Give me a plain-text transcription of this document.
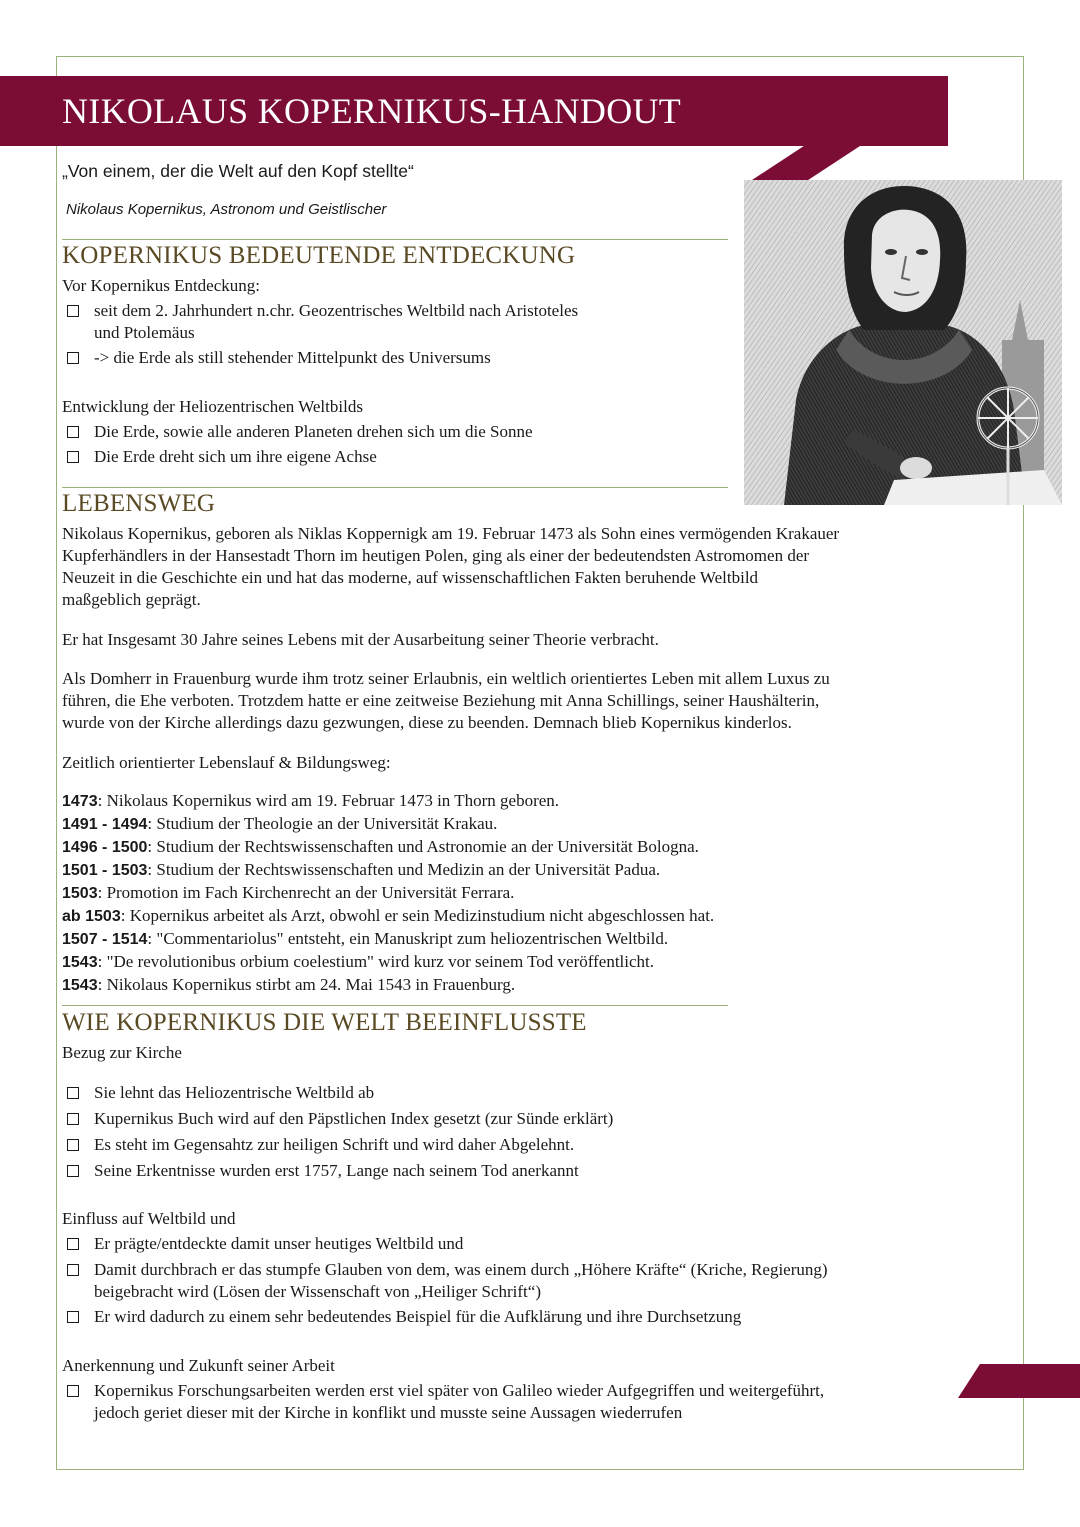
NIKOLAUS KOPERNIKUS-HANDOUT
„Von einem, der die Welt auf den Kopf stellte“
Nikolaus Kopernikus, Astronom und Geistlischer
KOPERNIKUS BEDEUTENDE ENTDECKUNG
Vor Kopernikus Entdeckung:
seit dem 2. Jahrhundert n.chr. Geozentrisches Weltbild nach Aristoteles
und Ptolemäus
-> die Erde als still stehender Mittelpunkt des Universums
Entwicklung der Heliozentrischen Weltbilds
Die Erde, sowie alle anderen Planeten drehen sich um die Sonne
Die Erde dreht sich um ihre eigene Achse
LEBENSWEG
Nikolaus Kopernikus, geboren als Niklas Koppernigk am 19. Februar 1473 als Sohn eines vermögenden Krakauer
Kupferhändlers in der Hansestadt Thorn im heutigen Polen, ging als einer der bedeutendsten Astromomen der
Neuzeit in die Geschichte ein und hat das moderne, auf wissenschaftlichen Fakten beruhende Weltbild
maßgeblich geprägt.
Er hat Insgesamt 30 Jahre seines Lebens mit der Ausarbeitung seiner Theorie verbracht.
Als Domherr in Frauenburg wurde ihm trotz seiner Erlaubnis, ein weltlich orientiertes Leben mit allem Luxus zu
führen, die Ehe verboten. Trotzdem hatte er eine zeitweise Beziehung mit Anna Schillings, seiner Haushälterin,
wurde von der Kirche allerdings dazu gezwungen, diese zu beenden. Demnach blieb Kopernikus kinderlos.
Zeitlich orientierter Lebenslauf & Bildungsweg:
1473: Nikolaus Kopernikus wird am 19. Februar 1473 in Thorn geboren.
1491 - 1494: Studium der Theologie an der Universität Krakau.
1496 - 1500: Studium der Rechtswissenschaften und Astronomie an der Universität Bologna.
1501 - 1503: Studium der Rechtswissenschaften und Medizin an der Universität Padua.
1503: Promotion im Fach Kirchenrecht an der Universität Ferrara.
ab 1503: Kopernikus arbeitet als Arzt, obwohl er sein Medizinstudium nicht abgeschlossen hat.
1507 - 1514: "Commentariolus" entsteht, ein Manuskript zum heliozentrischen Weltbild.
1543: "De revolutionibus orbium coelestium" wird kurz vor seinem Tod veröffentlicht.
1543: Nikolaus Kopernikus stirbt am 24. Mai 1543 in Frauenburg.
WIE KOPERNIKUS DIE WELT BEEINFLUSSTE
Bezug zur Kirche
Sie lehnt das Heliozentrische Weltbild ab
Kupernikus Buch wird auf den Päpstlichen Index gesetzt (zur Sünde erklärt)
Es steht im Gegensahtz zur heiligen Schrift und wird daher Abgelehnt.
Seine Erkentnisse wurden erst 1757, Lange nach seinem Tod anerkannt
Einfluss auf Weltbild und
Er prägte/entdeckte damit unser heutiges Weltbild und
Damit durchbrach er das stumpfe Glauben von dem, was einem durch „Höhere Kräfte“ (Kriche, Regierung)
beigebracht wird (Lösen der Wissenschaft von „Heiliger Schrift“)
Er wird dadurch zu einem sehr bedeutendes Beispiel für die Aufklärung und ihre Durchsetzung
Anerkennung und Zukunft seiner Arbeit
Kopernikus Forschungsarbeiten werden erst viel später von Galileo wieder Aufgegriffen und weitergeführt,
jedoch geriet dieser mit der Kirche in konflikt und musste seine Aussagen wiederrufen
